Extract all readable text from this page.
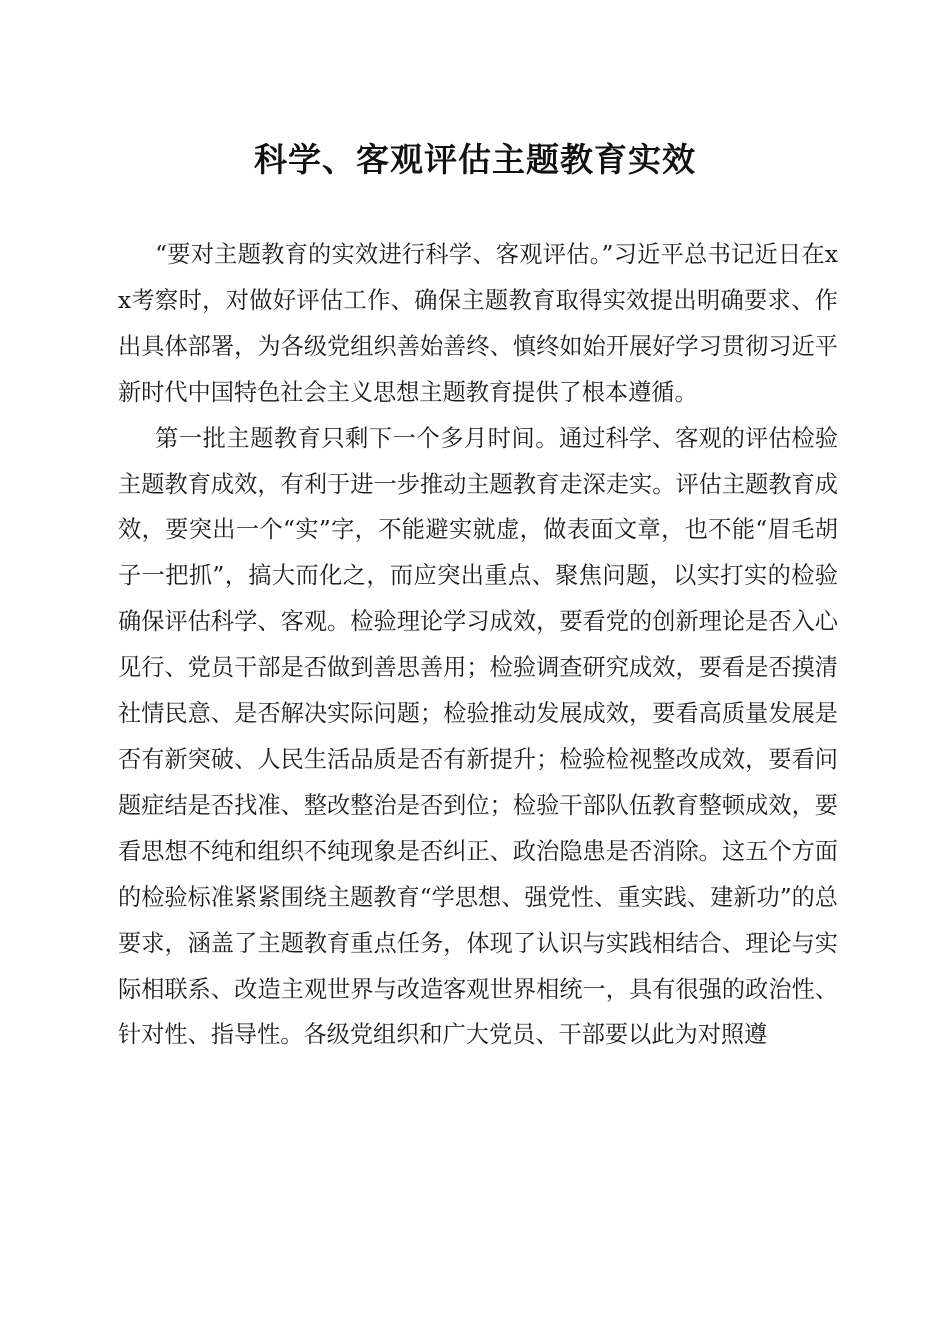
科学、客观评估主题教育实效

“要对主题教育的实效进行科学、客观评估。”习近平总书记近日在xx考察时，对做好评估工作、确保主题教育取得实效提出明确要求、作出具体部署，为各级党组织善始善终、慎终如始开展好学习贯彻习近平新时代中国特色社会主义思想主题教育提供了根本遵循。

第一批主题教育只剩下一个多月时间。通过科学、客观的评估检验主题教育成效，有利于进一步推动主题教育走深走实。评估主题教育成效，要突出一个“实”字，不能避实就虚，做表面文章，也不能“眉毛胡子一把抓”，搞大而化之，而应突出重点、聚焦问题，以实打实的检验确保评估科学、客观。检验理论学习成效，要看党的创新理论是否入心见行、党员干部是否做到善思善用；检验调查研究成效，要看是否摸清社情民意、是否解决实际问题；检验推动发展成效，要看高质量发展是否有新突破、人民生活品质是否有新提升；检验检视整改成效，要看问题症结是否找准、整改整治是否到位；检验干部队伍教育整顿成效，要看思想不纯和组织不纯现象是否纠正、政治隐患是否消除。这五个方面的检验标准紧紧围绕主题教育“学思想、强党性、重实践、建新功”的总要求，涵盖了主题教育重点任务，体现了认识与实践相结合、理论与实际相联系、改造主观世界与改造客观世界相统一，具有很强的政治性、针对性、指导性。各级党组织和广大党员、干部要以此为对照遵
